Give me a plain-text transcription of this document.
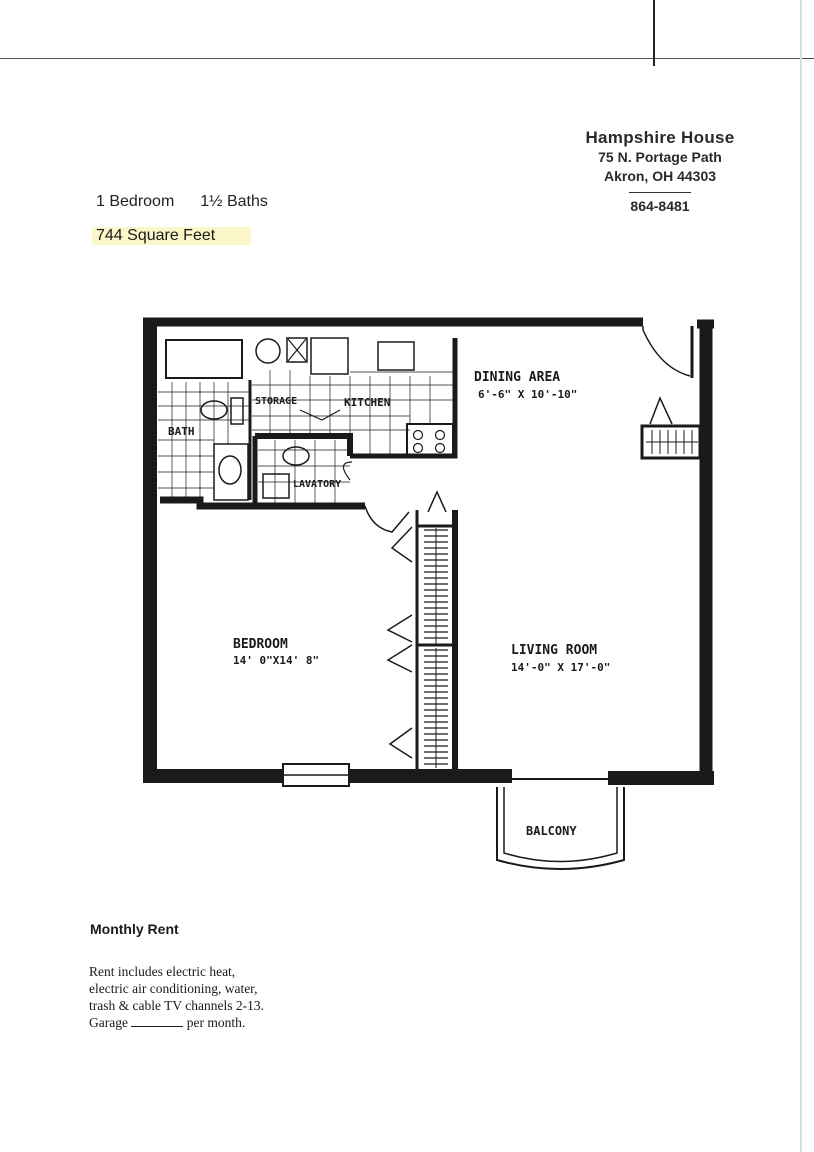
Hampshire House
75 N. Portage Path
Akron, OH 44303
864-8481
1 Bedroom 1½ Baths
744 Square Feet
DINING AREA
6'-6" X 10'-10"
KITCHEN
STORAGE
BATH
LAVATORY
BEDROOM
14' 0"X14' 8"
LIVING ROOM
14'-0" X 17'-0"
BALCONY
Monthly Rent
Rent includes electric heat,
electric air conditioning, water,
trash & cable TV channels 2-13.
Garage	per month.
